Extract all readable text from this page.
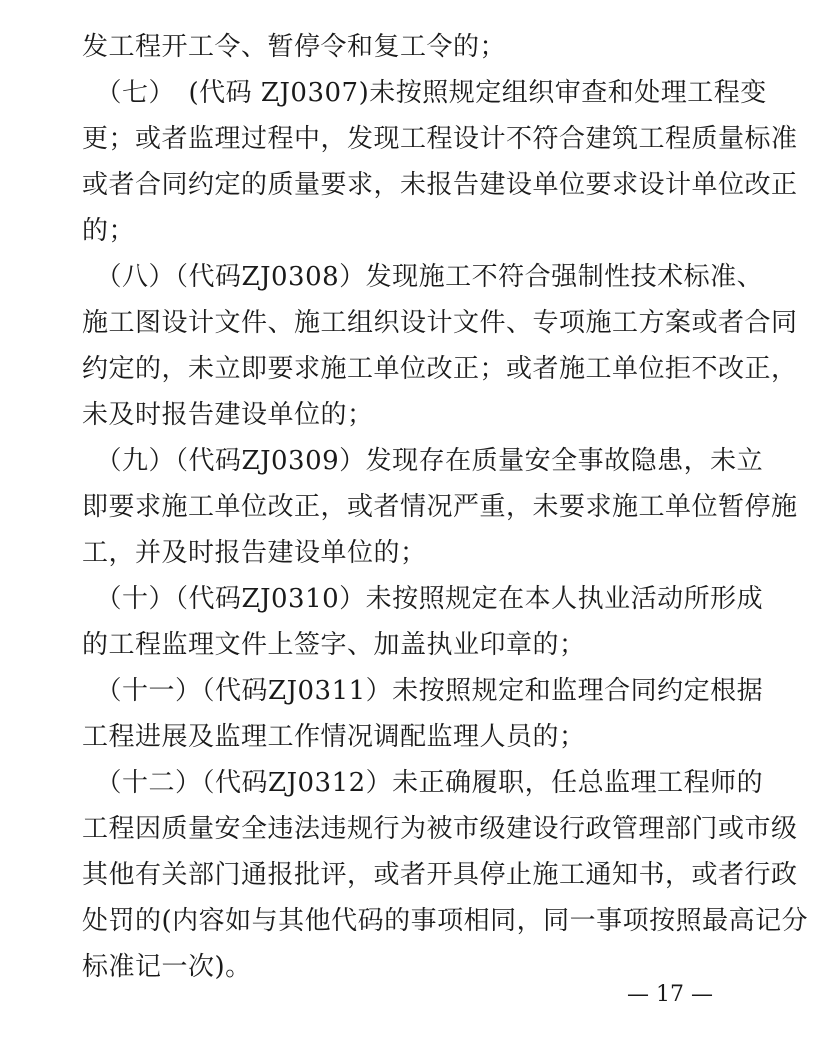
发工程开工令、暂停令和复工令的；
　（七）　(代码 ZJ0307)未按照规定组织审查和处理工程变
更；或者监理过程中，发现工程设计不符合建筑工程质量标准
或者合同约定的质量要求，未报告建设单位要求设计单位改正
的；
　（八）（代码ZJ0308）发现施工不符合强制性技术标准、
施工图设计文件、施工组织设计文件、专项施工方案或者合同
约定的，未立即要求施工单位改正；或者施工单位拒不改正，
未及时报告建设单位的；
　（九）（代码ZJ0309）发现存在质量安全事故隐患，未立
即要求施工单位改正，或者情况严重，未要求施工单位暂停施
工，并及时报告建设单位的；
　（十）（代码ZJ0310）未按照规定在本人执业活动所形成
的工程监理文件上签字、加盖执业印章的；
　（十一）（代码ZJ0311）未按照规定和监理合同约定根据
工程进展及监理工作情况调配监理人员的；
　（十二）（代码ZJ0312）未正确履职，任总监理工程师的
工程因质量安全违法违规行为被市级建设行政管理部门或市级
其他有关部门通报批评，或者开具停止施工通知书，或者行政
处罚的(内容如与其他代码的事项相同，同一事项按照最高记分
标准记一次)。
— 17 —
